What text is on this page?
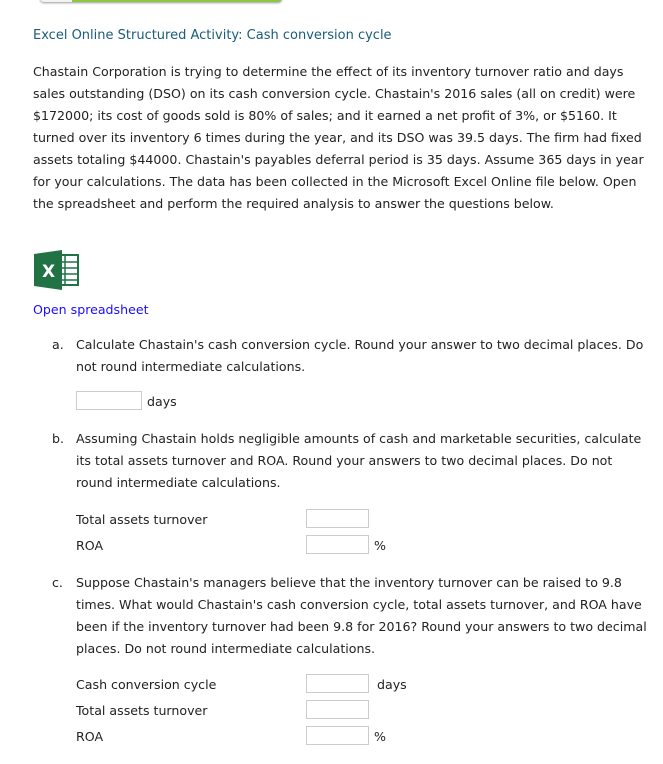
Excel Online Structured Activity: Cash conversion cycle
Chastain Corporation is trying to determine the effect of its inventory turnover ratio and days sales outstanding (DSO) on its cash conversion cycle. Chastain's 2016 sales (all on credit) were $172000; its cost of goods sold is 80% of sales; and it earned a net profit of 3%, or $5160. It turned over its inventory 6 times during the year, and its DSO was 39.5 days. The firm had fixed assets totaling $44000. Chastain's payables deferral period is 35 days. Assume 365 days in year for your calculations. The data has been collected in the Microsoft Excel Online file below. Open the spreadsheet and perform the required analysis to answer the questions below.
X
Open spreadsheet
a. Calculate Chastain's cash conversion cycle. Round your answer to two decimal places. Do not round intermediate calculations.
days
b. Assuming Chastain holds negligible amounts of cash and marketable securities, calculate its total assets turnover and ROA. Round your answers to two decimal places. Do not round intermediate calculations.
Total assets turnover
ROA	%
c. Suppose Chastain's managers believe that the inventory turnover can be raised to 9.8 times. What would Chastain's cash conversion cycle, total assets turnover, and ROA have been if the inventory turnover had been 9.8 for 2016? Round your answers to two decimal places. Do not round intermediate calculations.
Cash conversion cycle	days
Total assets turnover
ROA	%
